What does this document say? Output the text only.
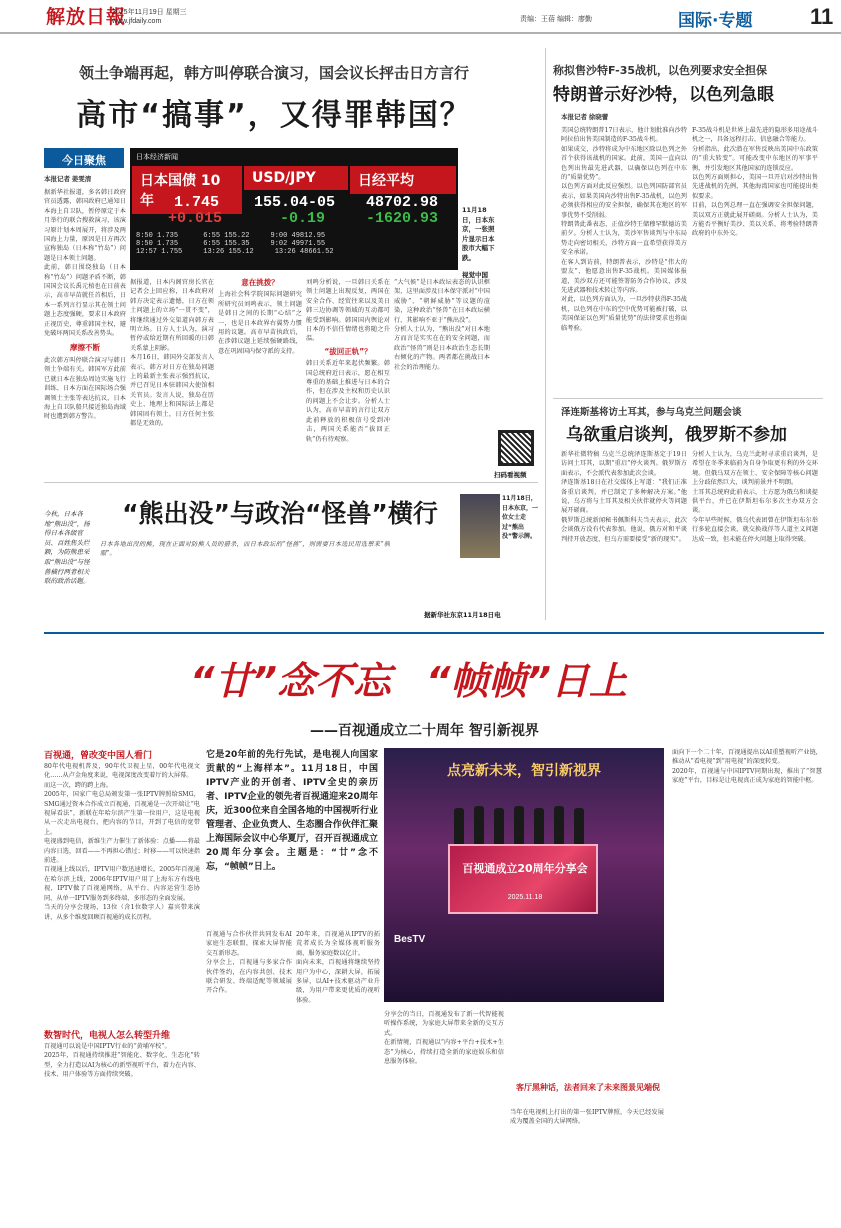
解放日報
2025年11月19日 星期三
www.jfdaily.com	责编：王蓓 编辑：廖勤	国际·专题	11
领土争端再起，韩方叫停联合演习，国会议长抨击日方言行
高市“搞事”，又得罪韩国？
今日聚焦
本报记者 姜雯淯

据新华社报道，多名韩日政府官员透露，韩国政府已通知日本海上自卫队，暂停原定于本月举行的联合搜救演习，该演习原计划本周展开，将涉及两国海上力量，原因是日方再次宣称独岛（日本称“竹岛”）问题是日本领土问题。

此前，韩日围绕独岛（日本称“竹岛”）问题矛盾不断，韩国国会议长禹元植也在日前表示，高市早苗就任首相后，日本一系列言行显示其在领土问题上态度强硬，要求日本政府正视历史，尊重韩国主权，避免破坏两国关系改善势头。

摩擦不断

此次韩方叫停联合演习与韩日领土争端有关。韩国军方此前已就日本在独岛周边实施飞行训练、日本方面在国际场合强调领土主张等表达抗议，日本海上自卫队船只接近独岛海域时也遭到韩方警告。

据报道，日本内阁官房长官在记者会上回应称，日本政府对韩方决定表示遗憾，日方在领土问题上的立场“一贯不变”，将继续通过外交渠道向韩方表明立场。日方人士认为，演习暂停或给近期有所回暖的日韩关系蒙上阴影。

本月16日，韩国外交部发言人表示，韩方对日方在独岛问题上的最新主张表示强烈抗议，并已召见日本驻韩国大使馆相关官员。发言人说，独岛在历史上、地理上和国际法上都是韩国固有领土，日方任何主张都是无效的。

意在挑拨？

上海社会科学院国际问题研究所研究员刘鸣表示，领土问题是韩日之间的长期“心结”之一，也是日本政界右翼势力惯用的议题。高市早苗执政后，在涉韩议题上延续强硬路线，意在巩固国内保守派的支持。

刘鸣分析说，一旦韩日关系在领土问题上出现反复，两国在安全合作、经贸往来以及美日韩三边协调等领域的互动都可能受到影响。韩国国内舆论对日本的不信任情绪也将随之升温。

“拔回正轨”？

韩日关系近年来起伏频繁。韩国总统府近日表示，愿在相互尊重的基础上推进与日本的合作，但在涉及主权和历史认识的问题上不会让步。分析人士认为，高市早苗的言行让双方此前释放的积极信号受到冲击，两国关系能否“拔回正轨”仍有待观察。

日本经济新闻
日本国债 10年
USD/JPY	日经平均
1.745 155.04-05 48702.98
+0.015	-0.19	-1620.93
8:50 1.735	6:55 155.22	9:00 49812.95
8:50 1.735	6:55 155.35	9:02 49971.55
12:57 1.755	13:26 155.12	13:26 48661.52
11月18日，日本东京，一张照片显示日本股市大幅下跌。
视觉中国

“大气候”是日本政坛表态的认识框架，这里面涉及日本保守派对“中国威胁”、“朝鲜威胁”等议题的渲染，这种政治“怪兽”在日本政坛横行，其影响不亚于“熊出没”。

分析人士认为，“熊出没”对日本地方而言是实实在在的安全问题，而政治“怪兽”则是日本政治生态长期右倾化的产物。两者都在挑战日本社会的治理能力。

扫码看视频
今秋，日本各地“熊出没”，扬得日本各级官员、百姓焦头烂额，为防熊患采取“熊出没”与怪兽横行两者相关联的政治话题。
“熊出没”与政治“怪兽”横行

日本各地出没的熊，现在正面对防熊人员的猎杀，而日本政坛的“怪兽”，则需要日本选民用选票来“驯服”。

11月18日，日本东京，一位女士走过“熊出没”警示牌。
据新华社东京11月18日电
称拟售沙特F-35战机，以色列要求安全担保
特朗普示好沙特，以色列急眼
本报记者 徐晓蕾

美国总统特朗普17日表示，他计划批准向沙特阿拉伯出售美国制造的F-35战斗机。

如果成交，沙特将成为中东地区除以色列之外首个获得该战机的国家。此前，美国一直向以色列出售最先进武器，以确保以色列在中东的“质量优势”。

以色列方面对此反应强烈。以色列国防部官员表示，如果美国向沙特出售F-35战机，以色列必须获得相应的安全担保，确保其在地区的军事优势不受削弱。

特朗普此番表态，正值沙特王储穆罕默德访美前夕。分析人士认为，美沙军售谈判与中东局势走向密切相关，沙特方面一直希望获得美方安全承诺。

在客人到访前，特朗普表示，沙特是“伟大的盟友”，他愿意出售F-35战机。美国媒体报道，美沙双方还可能签署防务合作协议，涉及先进武器和技术转让等内容。

对此，以色列方面认为，一旦沙特获得F-35战机，以色列在中东的空中优势可能被打破，以美国保证以色列“质量优势”的法律要求也将面临考验。

F-35战斗机是世界上最先进的隐形多用途战斗机之一，具备远程打击、信息融合等能力。

分析指出，此次潜在军售反映出美国中东政策的“重大转变”。可能改变中东地区的军事平衡，并引发地区其他国家的连锁反应。

以色列方面则担心，美国一旦开启对沙特出售先进战机的先例，其他海湾国家也可能提出类似要求。

目前，以色列总理一直在强调安全担保问题，美以双方正就此展开磋商。分析人士认为，美方能否平衡好美沙、美以关系，将考验特朗普政府的中东外交。

泽连斯基将访土耳其，参与乌克兰问题会谈
乌欲重启谈判，俄罗斯不参加

新华社微特稿 乌克兰总统泽连斯基定于19日访问土耳其，以期“重启”停火谈判。俄罗斯方面表示，不会派代表参加此次会谈。

泽连斯基18日在社交媒体上写道：“我们正准备重启谈判，并已制定了多种解决方案。”他说，乌方将与土耳其及相关伙伴就停火等问题展开磋商。

俄罗斯总统新闻秘书佩斯科夫当天表示，此次会谈俄方没有代表参加。他说，俄方对和平谈判持开放态度，但乌方需要接受“新的现实”。

分析人士认为，乌克兰此时寻求重启谈判，是希望在冬季来临前为自身争取更有利的外交环境。但俄乌双方在领土、安全保障等核心问题上分歧依然巨大，谈判前景并不明朗。

土耳其总统府此前表示，土方愿为俄乌和谈提供平台，并已在伊斯坦布尔多次主办双方会谈。

今年早些时候，俄乌代表团曾在伊斯坦布尔举行多轮直接会谈，就交换战俘等人道主义问题达成一致，但未能在停火问题上取得突破。

“廿”念不忘 “帧帧”日上
——百视通成立二十周年 智引新视界
百视通，曾改变中国人看门

80年代电视机普及，90年代卫视上星，00年代电视文化……从卢金角度来说，电视深度改变着厅的大屏幕。

而这一次，跨的跨上海。

2005年，国家广电总局颁发第一张IPTV牌照给SMG，SMG通过资本合作成立百视通，百视通是一次开端让“电视屏看法”，新联在年哈尔滨产生第一位用户，这是电视从一次走出电视台，把内容的节目，开到了电信的宽带上。

电视盛到电信，新维生产力催生了新体验：点播——将最内容日选，回看——不再担心错过；时移——可以快速指前进。

百视通上线以后，IPTV用户数迅速增长，2005年百视通在哈尔滨上线，2006年IPTV用户用了上海东方有线电视，IPTV做了百视通网络，从平台、内容运营生态协同，从单一IPTV服务到多终端、多形态的全面发展。

当天的分享会现场，13位（含1位数字人）嘉宾带来演讲，从多个维度回顾百视通的成长历程。

数智时代，电视人怎么转型升维

百视通可以说是中国IPTV行业的“黄埔军校”。

2025年，百视通持续推进“智能化、数字化、生态化”转型，全力打造以AI为核心的新型视听平台，着力在内容、技术、用户体验等方面持续突破。

它是20年前的先行先试，是电视人向国家贡献的“上海样本”。11月18日，中国IPTV产业的开创者、IPTV全史的亲历者、IPTV企业的领先者百视通迎来20周年庆，近300位来自全国各地的中国视听行业管理者、企业负责人、生态圈合作伙伴汇聚上海国际会议中心华夏厅，召开百视通成立20周年分享会。主题是：“廿”念不忘，“帧帧”日上。
点亮新未来，智引新视界
百视通成立20周年分享会
2025.11.18
BesTV

百视通与合作伙伴共同发布AI家庭生态联盟，探索大屏智能交互新形态。

分享会上，百视通与多家合作伙伴签约，在内容共创、技术联合研发、终端适配等领域展开合作。

20年来，百视通从IPTV的拓荒者成长为全媒体视听服务商，服务家庭数以亿计。

面向未来，百视通将继续坚持用户为中心，深耕大屏，拓展多屏，以AI+技术驱动产业升级，为用户带来更优质的视听体验。

分享会的当日，百视通发布了新一代智能视听操作系统，为家庭大屏带来全新的交互方式。

在新情境，百视通以“内容+平台+技术+生态”为核心，持续打造全新的家庭娱乐和信息服务体验。

客厅黑种话，法者回来了未来图景见端倪

当年在电视机上打出的第一张IPTV牌照，今天已经发展成为覆盖全国的大屏网络。

面向下一个二十年，百视通提出以AI重塑视听产业链，推动从“看电视”到“用电视”的深度转变。

2020年，百视通与中国IPTV同期出现，推出了“智慧家庭”平台，目标是让电视真正成为家庭的智能中枢。
